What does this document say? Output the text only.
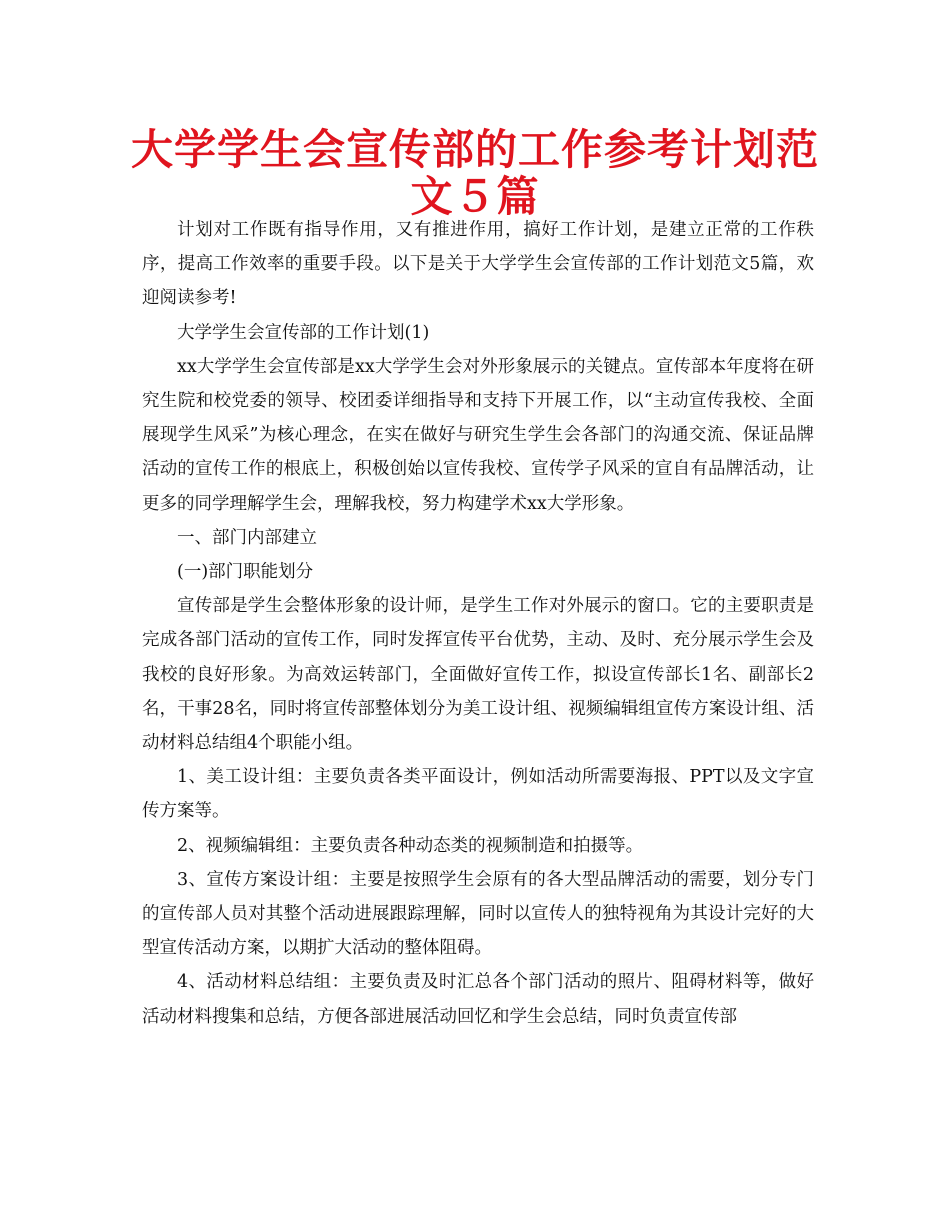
大学学生会宣传部的工作参考计划范文５篇

计划对工作既有指导作用，又有推进作用，搞好工作计划，是建立正常的工作秩序，提高工作效率的重要手段。以下是关于大学学生会宣传部的工作计划范文5篇，欢迎阅读参考!

大学学生会宣传部的工作计划(1)

xx大学学生会宣传部是xx大学学生会对外形象展示的关键点。宣传部本年度将在研究生院和校党委的领导、校团委详细指导和支持下开展工作，以“主动宣传我校、全面展现学生风采”为核心理念，在实在做好与研究生学生会各部门的沟通交流、保证品牌活动的宣传工作的根底上，积极创始以宣传我校、宣传学子风采的宣自有品牌活动，让更多的同学理解学生会，理解我校，努力构建学术xx大学形象。

一、部门内部建立

(一)部门职能划分

宣传部是学生会整体形象的设计师，是学生工作对外展示的窗口。它的主要职责是完成各部门活动的宣传工作，同时发挥宣传平台优势，主动、及时、充分展示学生会及我校的良好形象。为高效运转部门，全面做好宣传工作，拟设宣传部长1名、副部长2名，干事28名，同时将宣传部整体划分为美工设计组、视频编辑组宣传方案设计组、活动材料总结组4个职能小组。

1、美工设计组：主要负责各类平面设计，例如活动所需要海报、PPT以及文字宣传方案等。

2、视频编辑组：主要负责各种动态类的视频制造和拍摄等。

3、宣传方案设计组：主要是按照学生会原有的各大型品牌活动的需要，划分专门的宣传部人员对其整个活动进展跟踪理解，同时以宣传人的独特视角为其设计完好的大型宣传活动方案，以期扩大活动的整体阻碍。

4、活动材料总结组：主要负责及时汇总各个部门活动的照片、阻碍材料等，做好活动材料搜集和总结，方便各部进展活动回忆和学生会总结，同时负责宣传部
